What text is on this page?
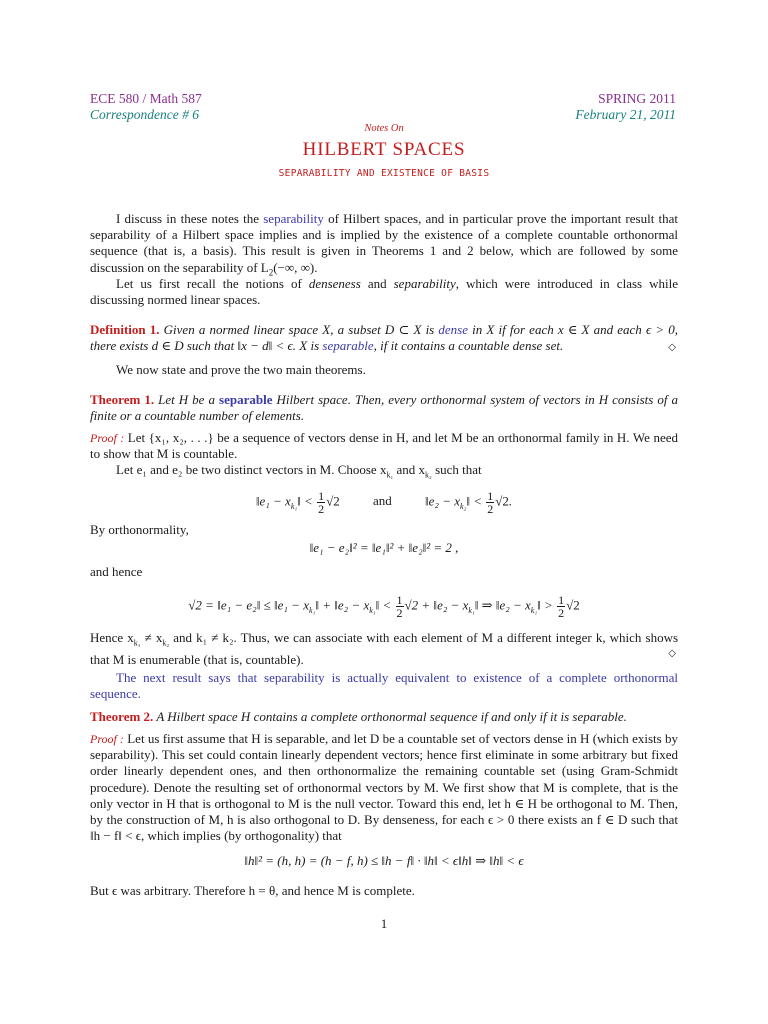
ECE 580 / Math 587
Correspondence # 6
SPRING 2011
February 21, 2011
Notes On
HILBERT SPACES
SEPARABILITY AND EXISTENCE OF BASIS
I discuss in these notes the separability of Hilbert spaces, and in particular prove the important result that separability of a Hilbert space implies and is implied by the existence of a complete countable orthonormal sequence (that is, a basis). This result is given in Theorems 1 and 2 below, which are followed by some discussion on the separability of $L_2(-\infty$, ∞).
Let us first recall the notions of denseness and separability, which were introduced in class while discussing normed linear spaces.
Definition 1. Given a normed linear space X, a subset D ⊂ X is dense in X if for each x ∈ X and each ϵ > 0, there exists d ∈ D such that ‖x − d‖ < ϵ. X is separable, if it contains a countable dense set.	◇
We now state and prove the two main theorems.
Theorem 1. Let H be a separable Hilbert space. Then, every orthonormal system of vectors in H consists of a finite or a countable number of elements.
Proof : Let {x₁, x₂, . . .} be a sequence of vectors dense in H, and let M be an orthonormal family in H. We need to show that M is countable.
Let e₁ and e₂ be two distinct vectors in M. Choose $x_{k_1}$ and $x_{k_2}$ such that
‖e₁ − $x_{k_1}‖ < \frac{1}{2} √2$	and	‖e₂ − $x_{k_2}‖ < \frac{1}{2} √2$.
By orthonormality,
‖e₁ − e₂‖² = ‖e₁‖² + ‖e₂‖² = 2 ,
and hence
√2 = ‖e₁ − e₂‖ ≤ ‖e₁ − $x_{k_1}‖$ + ‖e₂ − $x_{k_1}‖ < \frac{1}{2} √2$ + ‖e₂ − $x_{k_1}‖$ ⇒ ‖e₂ − $x_{k_1}‖ > \frac{1}{2} √2$
Hence $x_{k_1} \ne x_{k_2}$ and k₁ ≠ k₂. Thus, we can associate with each element of M a different integer k, which shows that M is enumerable (that is, countable).	◇
The next result says that separability is actually equivalent to existence of a complete orthonormal sequence.
Theorem 2. A Hilbert space H contains a complete orthonormal sequence if and only if it is separable.
Proof : Let us first assume that H is separable, and let D be a countable set of vectors dense in H (which exists by separability). This set could contain linearly dependent vectors; hence first eliminate in some arbitrary but fixed order linearly dependent ones, and then orthonormalize the remaining countable set (using Gram-Schmidt procedure). Denote the resulting set of orthonormal vectors by M. We first show that M is complete, that is the only vector in H that is orthogonal to M is the null vector. Toward this end, let h ∈ H be orthogonal to M. Then, by the construction of M, h is also orthogonal to D. By denseness, for each ϵ > 0 there exists an f ∈ D such that ‖h − f‖ < ϵ, which implies (by orthogonality) that
‖h‖² = (h, h) = (h − f, h) ≤ ‖h − f‖ · ‖h‖ < ϵ‖h‖ ⇒ ‖h‖ < ϵ
But ϵ was arbitrary. Therefore h = θ, and hence M is complete.
1
